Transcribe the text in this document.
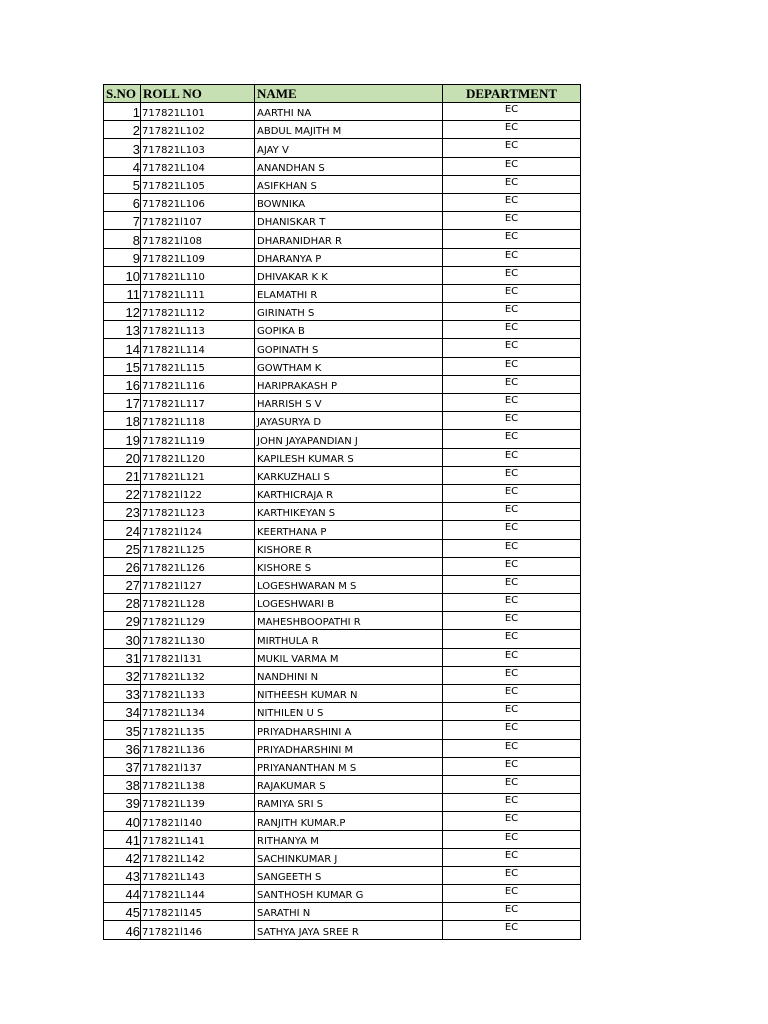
S.NO	ROLL NO	NAME	DEPARTMENT
1	717821L101	AARTHI NA	EC
2	717821L102	ABDUL MAJITH M	EC
3	717821L103	AJAY V	EC
4	717821L104	ANANDHAN S	EC
5	717821L105	ASIFKHAN S	EC
6	717821L106	BOWNIKA	EC
7	717821l107	DHANISKAR T	EC
8	717821l108	DHARANIDHAR R	EC
9	717821L109	DHARANYA P	EC
10	717821L110	DHIVAKAR K K	EC
11	717821L111	ELAMATHI R	EC
12	717821L112	GIRINATH S	EC
13	717821L113	GOPIKA B	EC
14	717821L114	GOPINATH S	EC
15	717821L115	GOWTHAM K	EC
16	717821L116	HARIPRAKASH P	EC
17	717821L117	HARRISH S V	EC
18	717821L118	JAYASURYA D	EC
19	717821L119	JOHN JAYAPANDIAN J	EC
20	717821L120	KAPILESH KUMAR S	EC
21	717821L121	KARKUZHALI S	EC
22	717821l122	KARTHICRAJA R	EC
23	717821L123	KARTHIKEYAN S	EC
24	717821l124	KEERTHANA P	EC
25	717821L125	KISHORE R	EC
26	717821L126	KISHORE S	EC
27	717821l127	LOGESHWARAN M S	EC
28	717821L128	LOGESHWARI B	EC
29	717821L129	MAHESHBOOPATHI R	EC
30	717821L130	MIRTHULA R	EC
31	717821l131	MUKIL VARMA M	EC
32	717821L132	NANDHINI N	EC
33	717821L133	NITHEESH KUMAR N	EC
34	717821L134	NITHILEN U S	EC
35	717821L135	PRIYADHARSHINI A	EC
36	717821L136	PRIYADHARSHINI M	EC
37	717821l137	PRIYANANTHAN M S	EC
38	717821L138	RAJAKUMAR S	EC
39	717821L139	RAMIYA SRI S	EC
40	717821l140	RANJITH KUMAR.P	EC
41	717821L141	RITHANYA M	EC
42	717821L142	SACHINKUMAR J	EC
43	717821L143	SANGEETH S	EC
44	717821L144	SANTHOSH KUMAR G	EC
45	717821l145	SARATHI N	EC
46	717821l146	SATHYA JAYA SREE R	EC
